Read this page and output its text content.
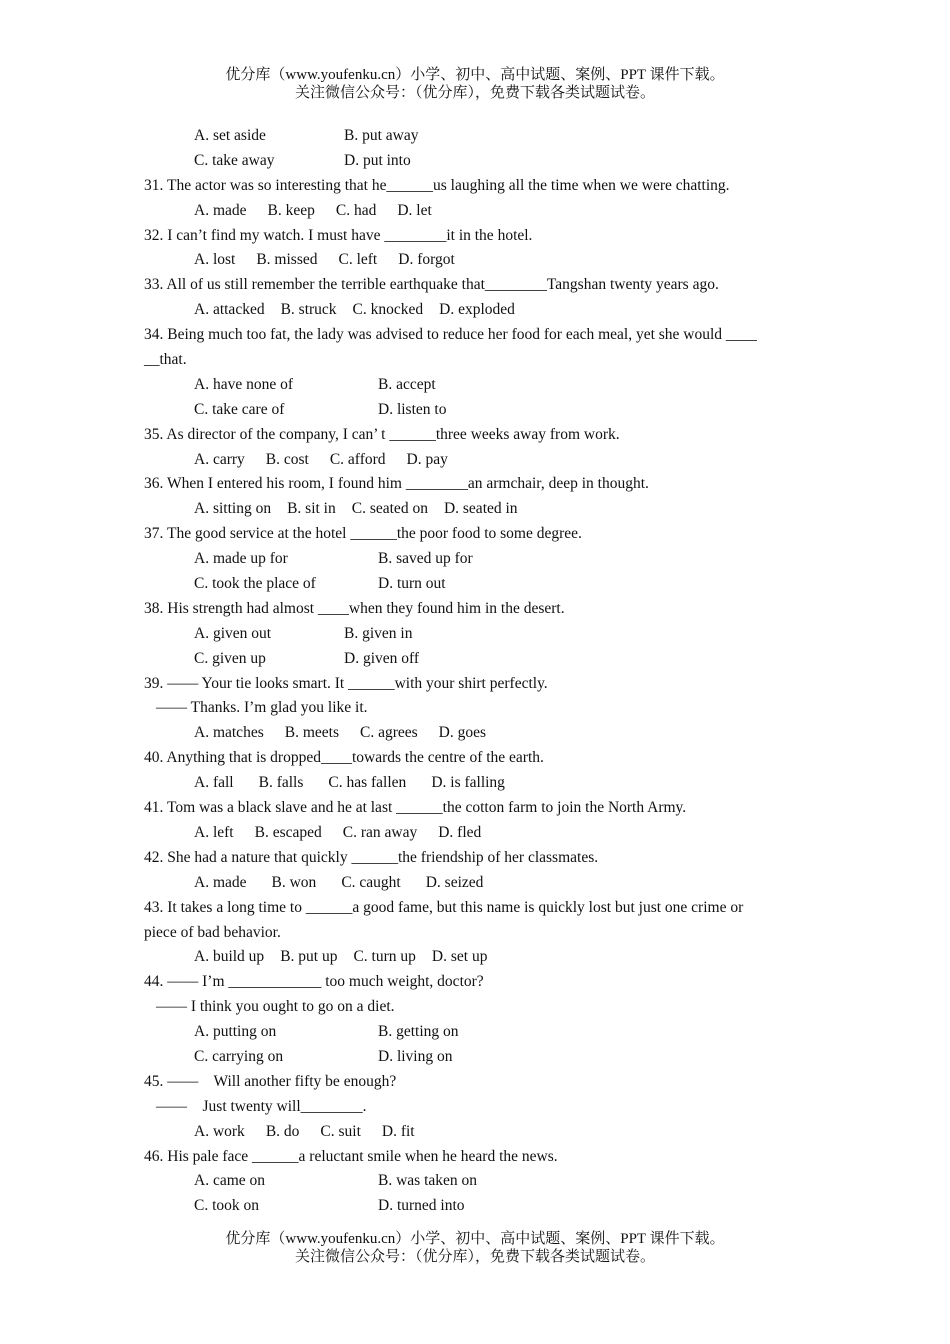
优分库（www.youfenku.cn）小学、初中、高中试题、案例、PPT 课件下载。
关注微信公众号：（优分库），免费下载各类试题试卷。
A. set aside	B. put away
C. take away	D. put into
31. The actor was so interesting that he______us laughing all the time when we were chatting.
A. made B. keep C. had D. let
32. I can’t find my watch. I must have ________it in the hotel.
A. lost B. missed C. left D. forgot
33. All of us still remember the terrible earthquake that________Tangshan twenty years ago.
A. attacked B. struck C. knocked D. exploded
34. Being much too fat, the lady was advised to reduce her food for each meal, yet she would ____
__that.
A. have none of	B. accept
C. take care of	D. listen to
35. As director of the company, I can’ t ______three weeks away from work.
A. carry B. cost C. afford D. pay
36. When I entered his room, I found him ________an armchair, deep in thought.
A. sitting on B. sit in C. seated on D. seated in
37. The good service at the hotel ______the poor food to some degree.
A. made up for	B. saved up for
C. took the place of	D. turn out
38. His strength had almost ____when they found him in the desert.
A. given out	B. given in
C. given up	D. given off
39. —— Your tie looks smart. It ______with your shirt perfectly.
—— Thanks. I’m glad you like it.
A. matches B. meets C. agrees D. goes
40. Anything that is dropped____towards the centre of the earth.
A. fall B. falls C. has fallen D. is falling
41. Tom was a black slave and he at last ______the cotton farm to join the North Army.
A. left B. escaped C. ran away D. fled
42. She had a nature that quickly ______the friendship of her classmates.
A. made B. won C. caught D. seized
43. It takes a long time to ______a good fame, but this name is quickly lost but just one crime or
piece of bad behavior.
A. build up B. put up C. turn up D. set up
44. —— I’m ____________ too much weight, doctor?
—— I think you ought to go on a diet.
A. putting on	B. getting on
C. carrying on	D. living on
45. ——    Will another fifty be enough?
——    Just twenty will________.
A. work B. do C. suit D. fit
46. His pale face ______a reluctant smile when he heard the news.
A. came on	B. was taken on
C. took on	D. turned into
优分库（www.youfenku.cn）小学、初中、高中试题、案例、PPT 课件下载。
关注微信公众号：（优分库），免费下载各类试题试卷。
